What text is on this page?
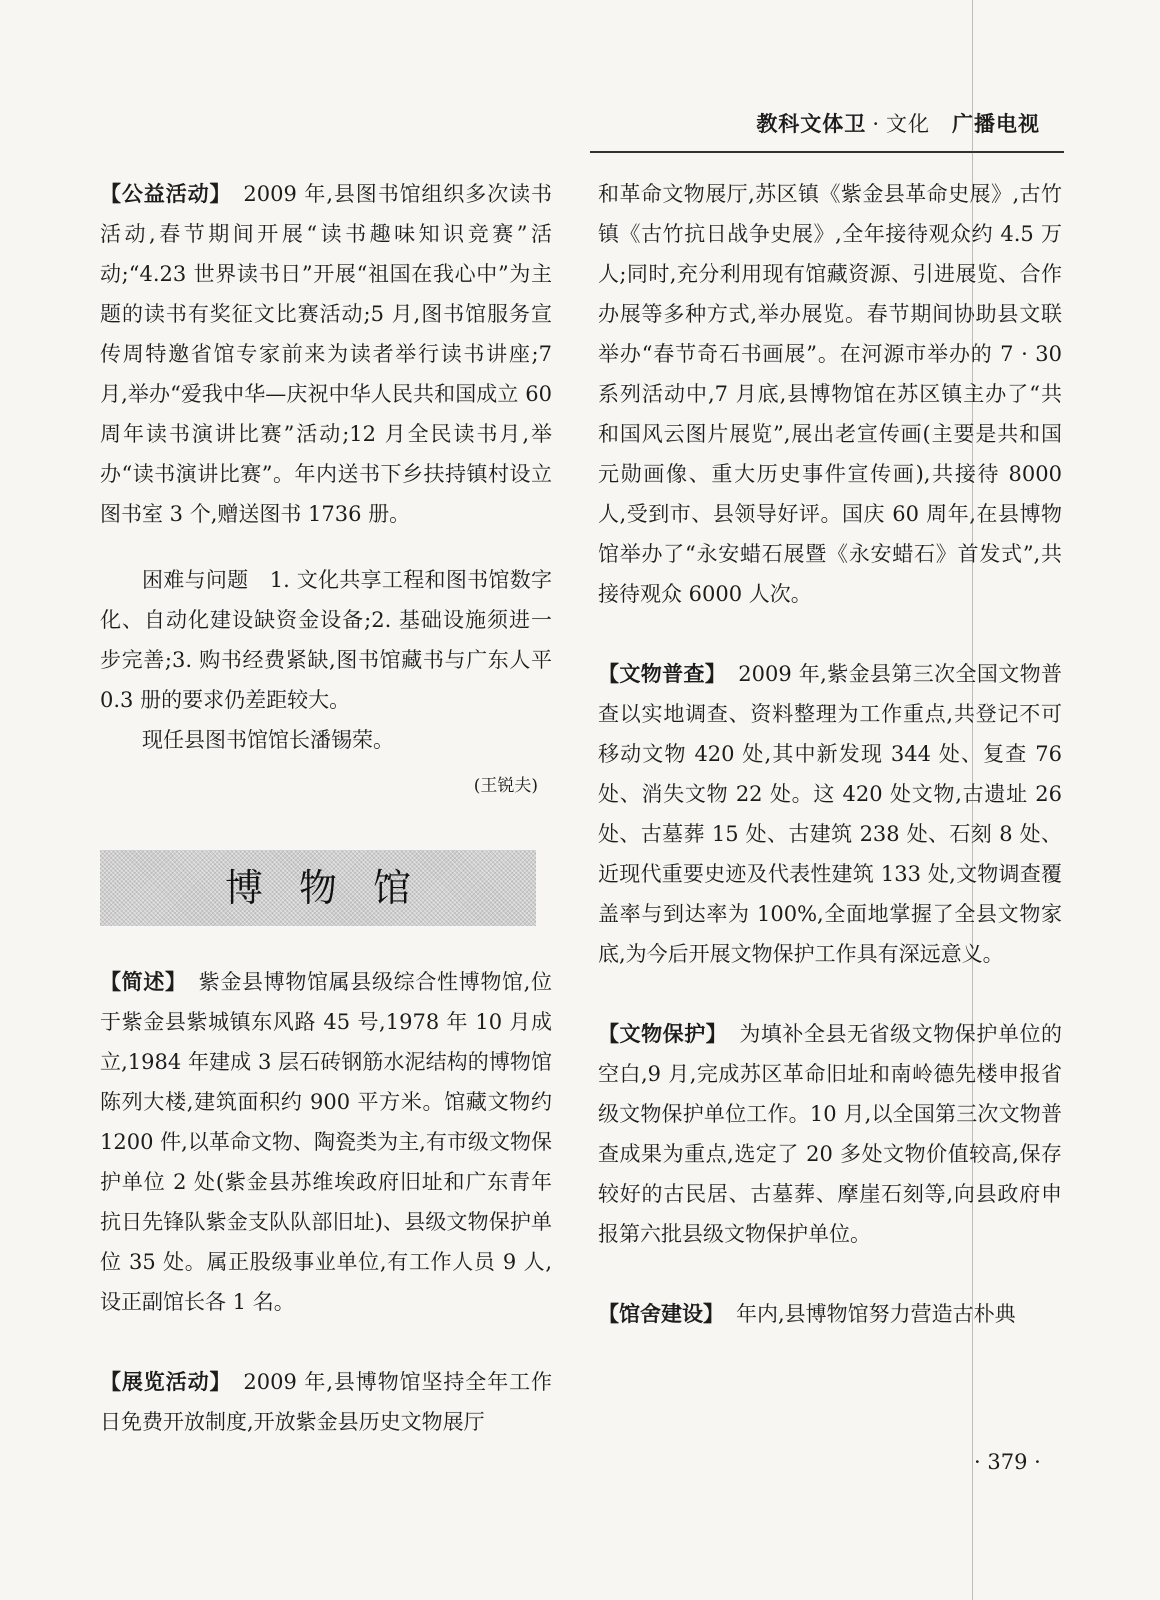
教科文体卫 · 文化 广播电视

【公益活动】 2009 年,县图书馆组织多次读书活动,春节期间开展“读书趣味知识竞赛”活动;“4.23 世界读书日”开展“祖国在我心中”为主题的读书有奖征文比赛活动;5 月,图书馆服务宣传周特邀省馆专家前来为读者举行读书讲座;7 月,举办“爱我中华—庆祝中华人民共和国成立 60 周年读书演讲比赛”活动;12 月全民读书月,举办“读书演讲比赛”。年内送书下乡扶持镇村设立图书室 3 个,赠送图书 1736 册。

困难与问题　1. 文化共享工程和图书馆数字化、自动化建设缺资金设备;2. 基础设施须进一步完善;3. 购书经费紧缺,图书馆藏书与广东人平 0.3 册的要求仍差距较大。

现任县图书馆馆长潘锡荣。

(王锐夫)
博物馆

【简述】 紫金县博物馆属县级综合性博物馆,位于紫金县紫城镇东风路 45 号,1978 年 10 月成立,1984 年建成 3 层石砖钢筋水泥结构的博物馆陈列大楼,建筑面积约 900 平方米。馆藏文物约 1200 件,以革命文物、陶瓷类为主,有市级文物保护单位 2 处(紫金县苏维埃政府旧址和广东青年抗日先锋队紫金支队队部旧址)、县级文物保护单位 35 处。属正股级事业单位,有工作人员 9 人,设正副馆长各 1 名。

【展览活动】 2009 年,县博物馆坚持全年工作日免费开放制度,开放紫金县历史文物展厅

和革命文物展厅,苏区镇《紫金县革命史展》,古竹镇《古竹抗日战争史展》,全年接待观众约 4.5 万人;同时,充分利用现有馆藏资源、引进展览、合作办展等多种方式,举办展览。春节期间协助县文联举办“春节奇石书画展”。在河源市举办的 7 · 30 系列活动中,7 月底,县博物馆在苏区镇主办了“共和国风云图片展览”,展出老宣传画(主要是共和国元勋画像、重大历史事件宣传画),共接待 8000 人,受到市、县领导好评。国庆 60 周年,在县博物馆举办了“永安蜡石展暨《永安蜡石》首发式”,共接待观众 6000 人次。

【文物普查】 2009 年,紫金县第三次全国文物普查以实地调查、资料整理为工作重点,共登记不可移动文物 420 处,其中新发现 344 处、复查 76 处、消失文物 22 处。这 420 处文物,古遗址 26 处、古墓葬 15 处、古建筑 238 处、石刻 8 处、近现代重要史迹及代表性建筑 133 处,文物调查覆盖率与到达率为 100%,全面地掌握了全县文物家底,为今后开展文物保护工作具有深远意义。

【文物保护】 为填补全县无省级文物保护单位的空白,9 月,完成苏区革命旧址和南岭德先楼申报省级文物保护单位工作。10 月,以全国第三次文物普查成果为重点,选定了 20 多处文物价值较高,保存较好的古民居、古墓葬、摩崖石刻等,向县政府申报第六批县级文物保护单位。

【馆舍建设】 年内,县博物馆努力营造古朴典

· 379 ·
